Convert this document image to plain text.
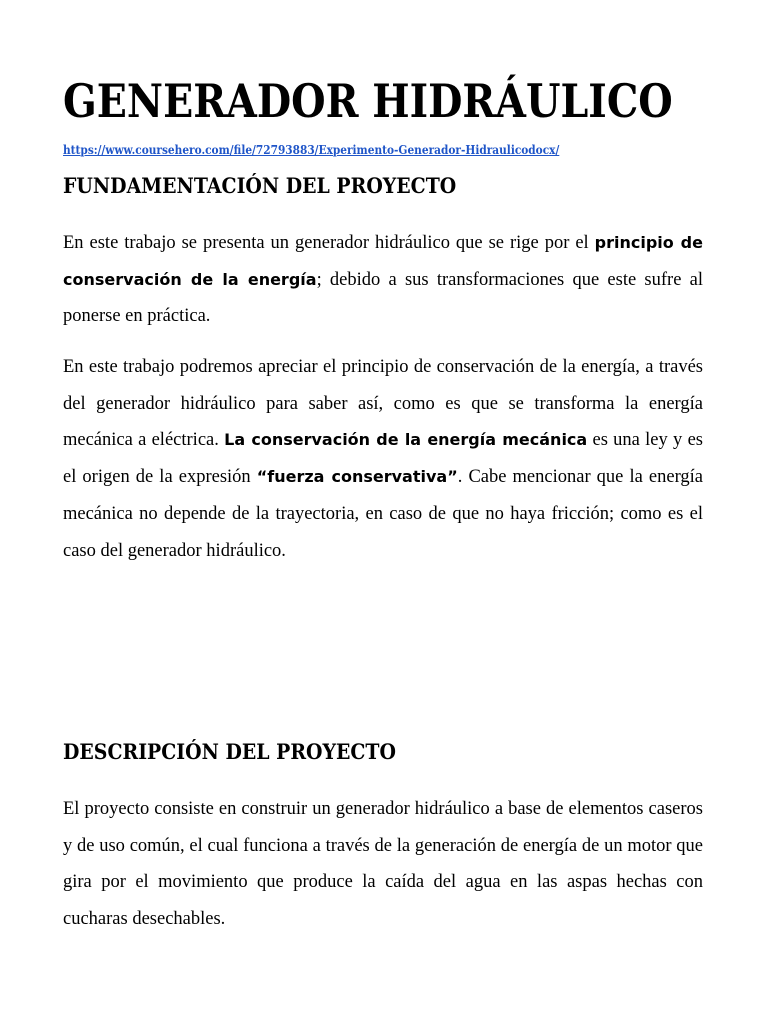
GENERADOR HIDRÁULICO
https://www.coursehero.com/file/72793883/Experimento-Generador-Hidraulicodocx/
FUNDAMENTACIÓN DEL PROYECTO

En este trabajo se presenta un generador hidráulico que se rige por el principio de conservación de la energía; debido a sus transformaciones que este sufre al ponerse en práctica.

En este trabajo podremos apreciar el principio de conservación de la energía, a través del generador hidráulico para saber así, como es que se transforma la energía mecánica a eléctrica. La conservación de la energía mecánica es una ley y es el origen de la expresión “fuerza conservativa”. Cabe mencionar que la energía mecánica no depende de la trayectoria, en caso de que no haya fricción; como es el caso del generador hidráulico.

DESCRIPCIÓN DEL PROYECTO

El proyecto consiste en construir un generador hidráulico a base de elementos caseros y de uso común, el cual funciona a través de la generación de energía de un motor que gira por el movimiento que produce la caída del agua en las aspas hechas con cucharas desechables.
